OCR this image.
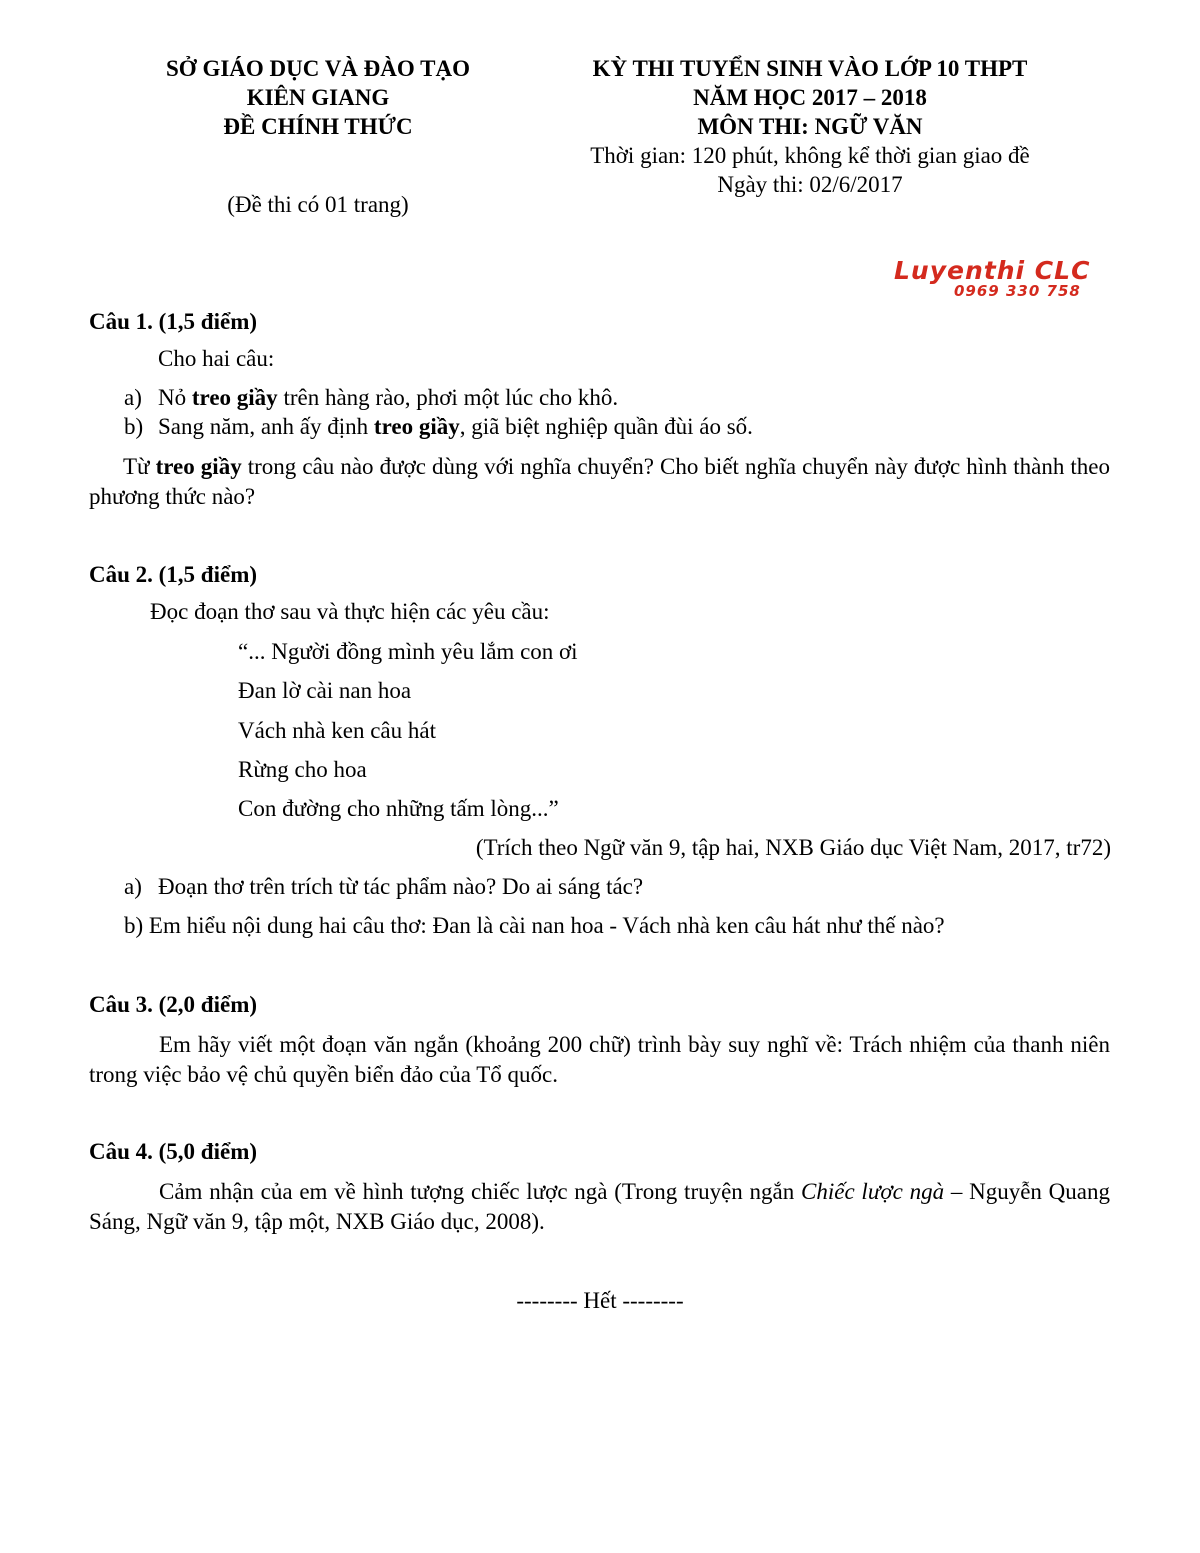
SỞ GIÁO DỤC VÀ ĐÀO TẠO
KIÊN GIANG
ĐỀ CHÍNH THỨC
(Đề thi có 01 trang)
KỲ THI TUYỂN SINH VÀO LỚP 10 THPT
NĂM HỌC 2017 – 2018
MÔN THI: NGỮ VĂN
Thời gian: 120 phút, không kể thời gian giao đề
Ngày thi: 02/6/2017
Luyenthi CLC
0969 330 758
Câu 1. (1,5 điểm)
Cho hai câu:
a) Nỏ treo giầy trên hàng rào, phơi một lúc cho khô.
b) Sang năm, anh ấy định treo giầy, giã biệt nghiệp quần đùi áo số.
Từ treo giầy trong câu nào được dùng với nghĩa chuyển? Cho biết nghĩa chuyển này được hình thành theo phương thức nào?
Câu 2. (1,5 điểm)
Đọc đoạn thơ sau và thực hiện các yêu cầu:
“... Người đồng mình yêu lắm con ơi
Đan lờ cài nan hoa
Vách nhà ken câu hát
Rừng cho hoa
Con đường cho những tấm lòng...”
(Trích theo Ngữ văn 9, tập hai, NXB Giáo dục Việt Nam, 2017, tr72)
a) Đoạn thơ trên trích từ tác phẩm nào? Do ai sáng tác?
b) Em hiểu nội dung hai câu thơ: Đan là cài nan hoa - Vách nhà ken câu hát như thế nào?
Câu 3. (2,0 điểm)
Em hãy viết một đoạn văn ngắn (khoảng 200 chữ) trình bày suy nghĩ về: Trách nhiệm của thanh niên trong việc bảo vệ chủ quyền biển đảo của Tổ quốc.
Câu 4. (5,0 điểm)
Cảm nhận của em về hình tượng chiếc lược ngà (Trong truyện ngắn Chiếc lược ngà – Nguyễn Quang Sáng, Ngữ văn 9, tập một, NXB Giáo dục, 2008).
-------- Hết --------
